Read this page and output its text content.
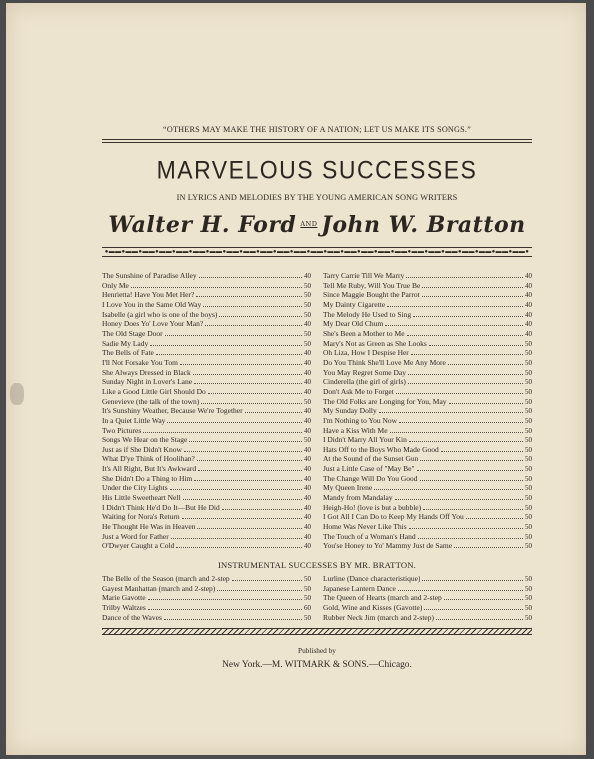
“OTHERS MAY MAKE THE HISTORY OF A NATION; LET US MAKE ITS SONGS.”
MARVELOUS SUCCESSES
IN LYRICS AND MELODIES BY THE YOUNG AMERICAN SONG WRITERS
Walter H. Ford AND John W. Bratton
●▬▬●▬▬●▬▬●▬▬●▬▬●▬▬●▬▬●▬▬●▬▬●▬▬●▬▬●▬▬●▬▬●▬▬●▬▬●▬▬●▬▬●▬▬●▬▬●▬▬●▬▬●▬▬●▬▬●▬▬●▬▬●
The Sunshine of Paradise Alley	40
Only Me	50
Henrietta! Have You Met Her?	50
I Love You in the Same Old Way	50
Isabelle (a girl who is one of the boys)	50
Honey Does Yo' Love Your Man?	40
The Old Stage Door	50
Sadie My Lady	50
The Bells of Fate	40
I'll Not Forsake You Tom	40
She Always Dressed in Black	40
Sunday Night in Lover's Lane	40
Like a Good Little Girl Should Do	40
Genevieve (the talk of the town)	50
It's Sunshiny Weather, Because We're Together	40
In a Quiet Little Way	40
Two Pictures	40
Songs We Hear on the Stage	50
Just as if She Didn't Know	40
What D'ye Think of Hoolihan?	40
It's All Right, But It's Awkward	40
She Didn't Do a Thing to Him	40
Under the City Lights	40
His Little Sweetheart Nell	40
I Didn't Think He'd Do It—But He Did	40
Waiting for Nora's Return	40
He Thought He Was in Heaven	40
Just a Word for Father	40
O'Dwyer Caught a Cold	40
Tarry Carrie Till We Marry	40
Tell Me Ruby, Will You True Be	40
Since Maggie Bought the Parrot	40
My Dainty Cigarette	40
The Melody He Used to Sing	40
My Dear Old Chum	40
She's Been a Mother to Me	40
Mary's Not as Green as She Looks	50
Oh Liza, How I Despise Her	50
Do You Think She'll Love Me Any More	50
You May Regret Some Day	50
Cinderella (the girl of girls)	50
Don't Ask Me to Forget	50
The Old Folks are Longing for You, May	50
My Sunday Dolly	50
I'm Nothing to You Now	50
Have a Kiss With Me	50
I Didn't Marry All Your Kin	50
Hats Off to the Boys Who Made Good	50
At the Sound of the Sunset Gun	50
Just a Little Case of "May Be"	50
The Change Will Do You Good	50
My Queen Irene	50
Mandy from Mandalay	50
Heigh-Ho! (love is but a bubble)	50
I Got All I Can Do to Keep My Hands Off You	50
Home Was Never Like This	50
The Touch of a Woman's Hand	50
You'se Honey to Yo' Mammy Just de Same	50
INSTRUMENTAL SUCCESSES BY MR. BRATTON.
The Belle of the Season (march and 2-step	50
Gayest Manhattan (march and 2-step)	50
Marie Gavotte	50
Trilby Waltzes	60
Dance of the Waves	50
Lurline (Dance characteristique)	50
Japanese Lantern Dance	50
The Queen of Hearts (march and 2-step	50
Gold, Wine and Kisses (Gavotte)	50
Rubber Neck Jim (march and 2-step)	50
Published by
New York.—M. WITMARK & SONS.—Chicago.
